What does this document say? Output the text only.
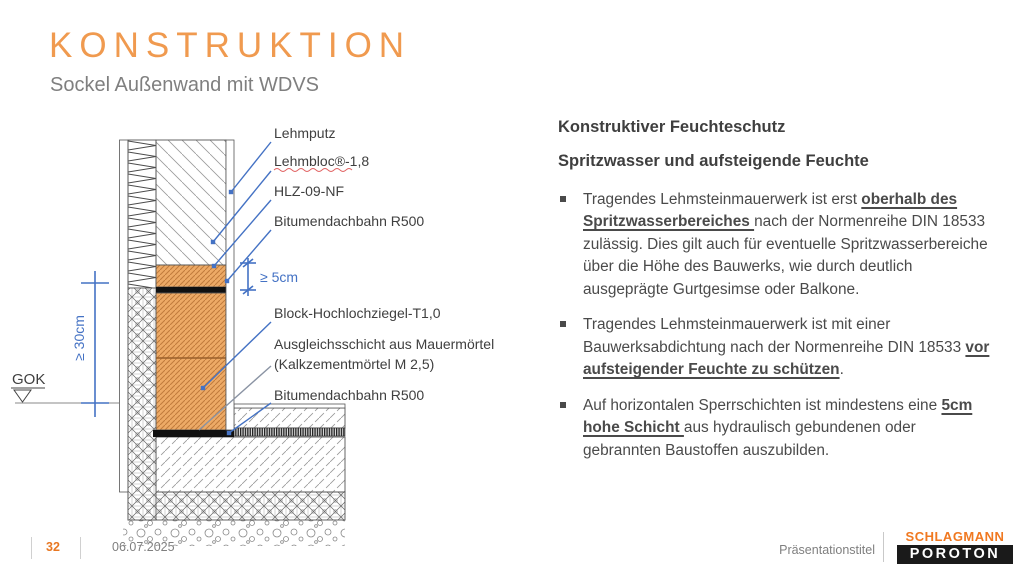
KONSTRUKTION
Sockel Außenwand mit WDVS
GOK
≥ 30cm
≥ 5cm
Lehmputz
Lehmbloc®-1,8
HLZ-09-NF
Bitumendachbahn R500
Block-Hochlochziegel-T1,0
Ausgleichsschicht aus Mauermörtel
(Kalkzementmörtel M 2,5)
Bitumendachbahn R500

Konstruktiver Feuchteschutz

Spritzwasser und aufsteigende Feuchte

Tragendes Lehmsteinmauerwerk ist erst oberhalb des Spritzwasserbereiches nach der Normenreihe DIN 18533 zulässig. Dies gilt auch für eventuelle Spritzwasserbereiche über die Höhe des Bauwerks, wie durch deutlich ausgeprägte Gurtgesimse oder Balkone.
Tragendes Lehmsteinmauerwerk ist mit einer Bauwerksabdichtung nach der Normenreihe DIN 18533 vor aufsteigender Feuchte zu schützen.
Auf horizontalen Sperrschichten ist mindestens eine 5cm hohe Schicht aus hydraulisch gebundenen oder gebrannten Baustoffen auszubilden.
32	06.07.2025	Präsentationstitel
SCHLAGMANN
POROTON
